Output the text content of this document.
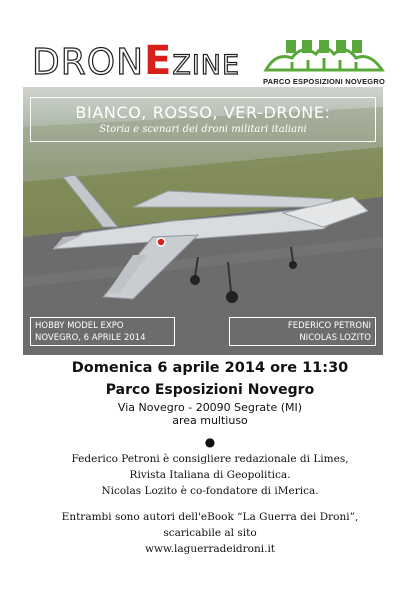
DRONEZINE
PARCO ESPOSIZIONI NOVEGRO
BIANCO, ROSSO, VER-DRONE:
Storia e scenari dei droni militari italiani
HOBBY MODEL EXPO
NOVEGRO, 6 APRILE 2014
FEDERICO PETRONI
NICOLAS LOZITO
Domenica 6 aprile 2014 ore 11:30
Parco Esposizioni Novegro
Via Novegro - 20090 Segrate (MI)
area multiuso
●
Federico Petroni è consigliere redazionale di Limes,
Rivista Italiana di Geopolitica.
Nicolas Lozito è co-fondatore di iMerica.
Entrambi sono autori dell'eBook “La Guerra dei Droni”,
scaricabile al sito
www.laguerradeidroni.it
